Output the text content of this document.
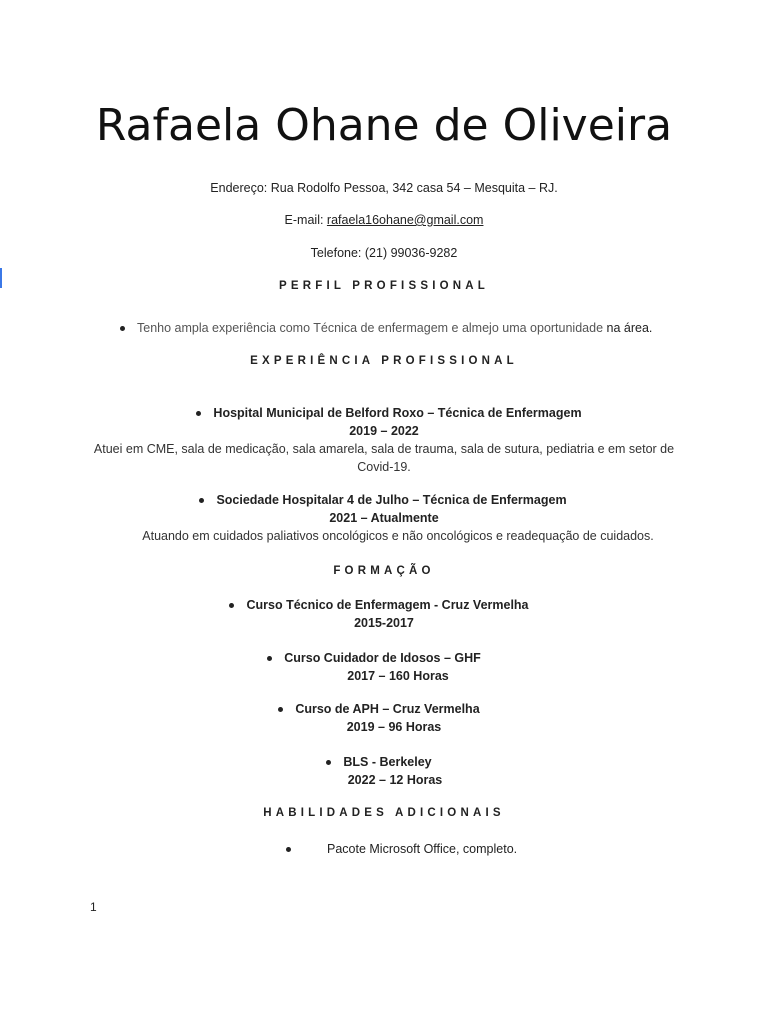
Rafaela Ohane de Oliveira
Endereço: Rua Rodolfo Pessoa, 342 casa 54 – Mesquita – RJ.
E-mail: rafaela16ohane@gmail.com
Telefone: (21) 99036-9282
PERFIL PROFISSIONAL
Tenho ampla experiência como Técnica de enfermagem e almejo uma oportunidade na área.
EXPERIÊNCIA PROFISSIONAL
Hospital Municipal de Belford Roxo – Técnica de Enfermagem
2019 – 2022
Atuei em CME, sala de medicação, sala amarela, sala de trauma, sala de sutura, pediatria e em setor de
Covid-19.
Sociedade Hospitalar 4 de Julho – Técnica de Enfermagem
2021 – Atualmente
Atuando em cuidados paliativos oncológicos e não oncológicos e readequação de cuidados.
FORMAÇÃO
Curso Técnico de Enfermagem - Cruz Vermelha
2015-2017
Curso Cuidador de Idosos – GHF
2017 – 160 Horas
Curso de APH – Cruz Vermelha
2019 – 96 Horas
BLS - Berkeley
2022 – 12 Horas
HABILIDADES ADICIONAIS
Pacote Microsoft Office, completo.
1
